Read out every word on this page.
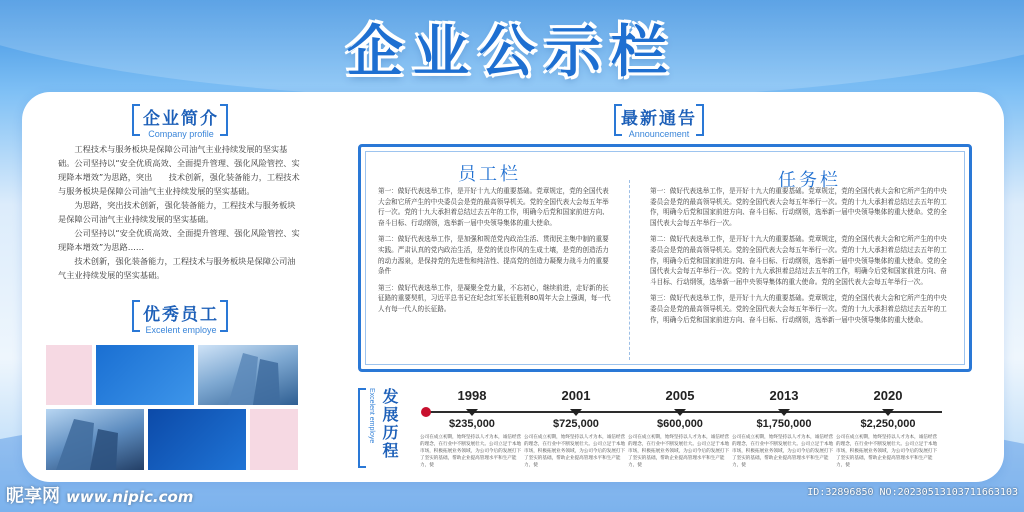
企业公示栏
企业简介
Company profile

工程技术与服务板块是保障公司油气主业持续发展的坚实基础。公司坚持以“安全优质高效、全面提升管理、强化风险管控、实现降本增效”为思路，突出　　技术创新，强化装备能力，工程技术与服务板块是保障公司油气主业持续发展的坚实基础。

为思路，突出技术创新，强化装备能力，工程技术与服务板块是保障公司油气主业持续发展的坚实基础。

公司坚持以“安全优质高效、全面提升管理、强化风险管控、实现降本增效”为思路……

技术创新，强化装备能力，工程技术与服务板块是保障公司油气主业持续发展的坚实基础。

优秀员工
Excelent employe
最新通告
Announcement
员工栏

第一：做好代表选举工作，是开好十九大的重要基础。党章规定，党的全国代表大会和它所产生的中央委员会是党的最高领导机关。党的全国代表大会每五年举行一次。党的十九大承担着总结过去五年的工作，明确今后党和国家前进方向、奋斗目标、行动纲领，选举新一届中央领导集体的重大使命。

第二：做好代表选举工作，是加强和规范党内政治生活、贯彻民主集中制的重要实践。严肃认真的党内政治生活，是党的优良作风的生成土壤，是党的创造活力的动力源泉，是保持党的先进性和纯洁性、提高党的创造力凝聚力战斗力的重要条件

第三：做好代表选举工作，是凝聚全党力量，不忘初心，继续前进，走好新的长征路的重要契机，习近平总书记在纪念红军长征胜利80周年大会上强调，每一代人有每一代人的长征路。

任务栏

第一：做好代表选举工作，是开好十九大的重要基础。党章规定，党的全国代表大会和它所产生的中央委员会是党的最高领导机关。党的全国代表大会每五年举行一次。党的十九大承担着总结过去五年的工作，明确今后党和国家前进方向、奋斗目标、行动纲领，选举新一届中央领导集体的重大使命。党的全国代表大会每五年举行一次。

第二：做好代表选举工作，是开好十九大的重要基础。党章规定，党的全国代表大会和它所产生的中央委员会是党的最高领导机关。党的全国代表大会每五年举行一次。党的十九大承担着总结过去五年的工作，明确今后党和国家前进方向、奋斗目标、行动纲领，选举新一届中央领导集体的重大使命。党的全国代表大会每五年举行一次。党的十九大承担着总结过去五年的工作，明确今后党和国家前进方向、奋斗目标、行动纲领，选举新一届中央领导集体的重大使命。党的全国代表大会每五年举行一次。

第三：做好代表选举工作，是开好十九大的重要基础。党章规定，党的全国代表大会和它所产生的中央委员会是党的最高领导机关。党的全国代表大会每五年举行一次。党的十九大承担着总结过去五年的工作，明确今后党和国家前进方向、奋斗目标、行动纲领，选举新一届中央领导集体的重大使命。

Excelent employe 发展历程	1998
$235,000
公司在成立初期，始终坚持以人才为本，诚信经营的理念，在行业中不断发展壮大。公司立足于本地市场，积极拓展业务领域，为公司今后的发展打下了坚实的基础，帮助企业提高管理水平和生产能力，使
2001
$725,000
公司在成立初期，始终坚持以人才为本，诚信经营的理念，在行业中不断发展壮大。公司立足于本地市场，积极拓展业务领域，为公司今后的发展打下了坚实的基础，帮助企业提高管理水平和生产能力，使
2005
$600,000
公司在成立初期，始终坚持以人才为本，诚信经营的理念，在行业中不断发展壮大。公司立足于本地市场，积极拓展业务领域，为公司今后的发展打下了坚实的基础，帮助企业提高管理水平和生产能力，使
2013
$1,750,000
公司在成立初期，始终坚持以人才为本，诚信经营的理念，在行业中不断发展壮大。公司立足于本地市场，积极拓展业务领域，为公司今后的发展打下了坚实的基础，帮助企业提高管理水平和生产能力，使
2020
$2,250,000
公司在成立初期，始终坚持以人才为本，诚信经营的理念，在行业中不断发展壮大。公司立足于本地市场，积极拓展业务领域，为公司今后的发展打下了坚实的基础，帮助企业提高管理水平和生产能力，使
昵享网 www.nipic.com	ID:32896850 NO:20230513103711663103
